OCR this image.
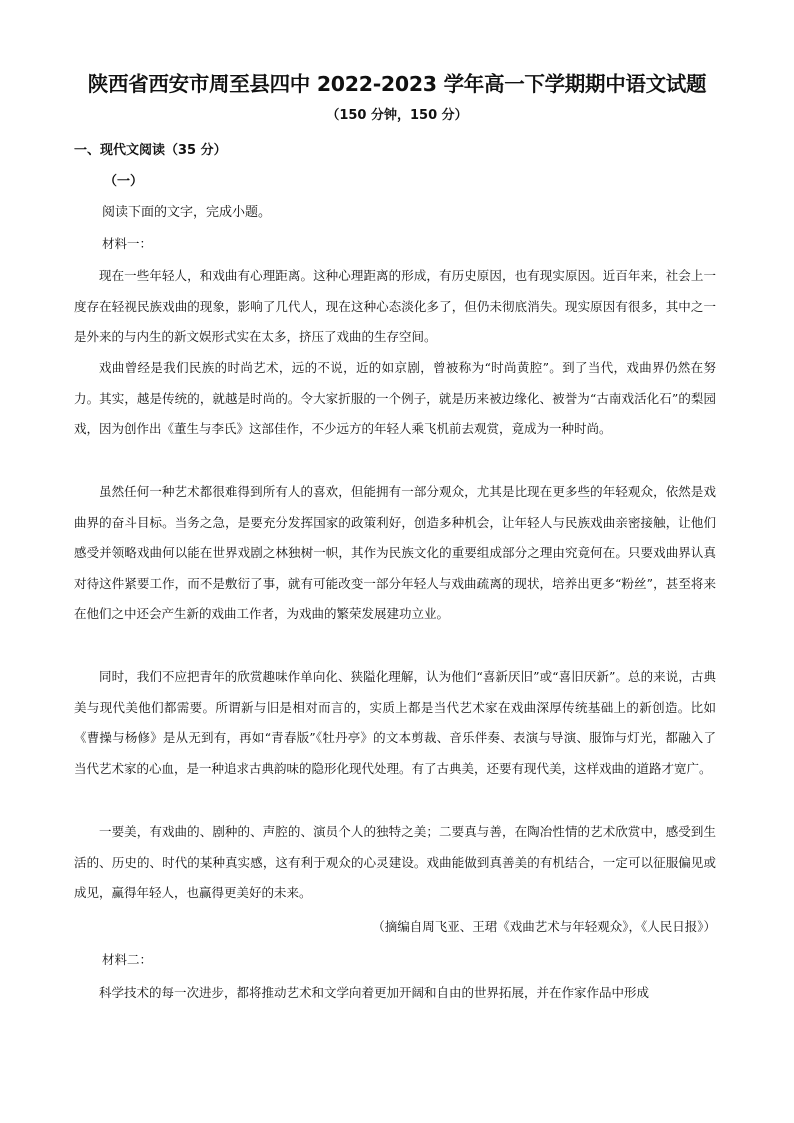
陕西省西安市周至县四中 2022-2023 学年高一下学期期中语文试题
（150 分钟，150 分）
一、现代文阅读（35 分）
（一）
阅读下面的文字，完成小题。
材料一：

现在一些年轻人，和戏曲有心理距离。这种心理距离的形成，有历史原因，也有现实原因。近百年来，社会上一度存在轻视民族戏曲的现象，影响了几代人，现在这种心态淡化多了，但仍未彻底消失。现实原因有很多，其中之一是外来的与内生的新文娱形式实在太多，挤压了戏曲的生存空间。

戏曲曾经是我们民族的时尚艺术，远的不说，近的如京剧，曾被称为“时尚黄腔”。到了当代，戏曲界仍然在努力。其实，越是传统的，就越是时尚的。令大家折服的一个例子，就是历来被边缘化、被誉为“古南戏活化石”的梨园戏，因为创作出《董生与李氏》这部佳作，不少远方的年轻人乘飞机前去观赏，竟成为一种时尚。

虽然任何一种艺术都很难得到所有人的喜欢，但能拥有一部分观众，尤其是比现在更多些的年轻观众，依然是戏曲界的奋斗目标。当务之急，是要充分发挥国家的政策利好，创造多种机会，让年轻人与民族戏曲亲密接触，让他们感受并领略戏曲何以能在世界戏剧之林独树一帜，其作为民族文化的重要组成部分之理由究竟何在。只要戏曲界认真对待这件紧要工作，而不是敷衍了事，就有可能改变一部分年轻人与戏曲疏离的现状，培养出更多“粉丝”，甚至将来在他们之中还会产生新的戏曲工作者，为戏曲的繁荣发展建功立业。

同时，我们不应把青年的欣赏趣味作单向化、狭隘化理解，认为他们“喜新厌旧”或“喜旧厌新”。总的来说，古典美与现代美他们都需要。所谓新与旧是相对而言的，实质上都是当代艺术家在戏曲深厚传统基础上的新创造。比如《曹操与杨修》是从无到有，再如“青春版”《牡丹亭》的文本剪裁、音乐伴奏、表演与导演、服饰与灯光，都融入了当代艺术家的心血，是一种追求古典韵味的隐形化现代处理。有了古典美，还要有现代美，这样戏曲的道路才宽广。

一要美，有戏曲的、剧种的、声腔的、演员个人的独特之美；二要真与善，在陶冶性情的艺术欣赏中，感受到生活的、历史的、时代的某种真实感，这有利于观众的心灵建设。戏曲能做到真善美的有机结合，一定可以征服偏见或成见，赢得年轻人，也赢得更美好的未来。

（摘编自周飞亚、王珺《戏曲艺术与年轻观众》，《人民日报》）
材料二：

科学技术的每一次进步，都将推动艺术和文学向着更加开阔和自由的世界拓展，并在作家作品中形成
